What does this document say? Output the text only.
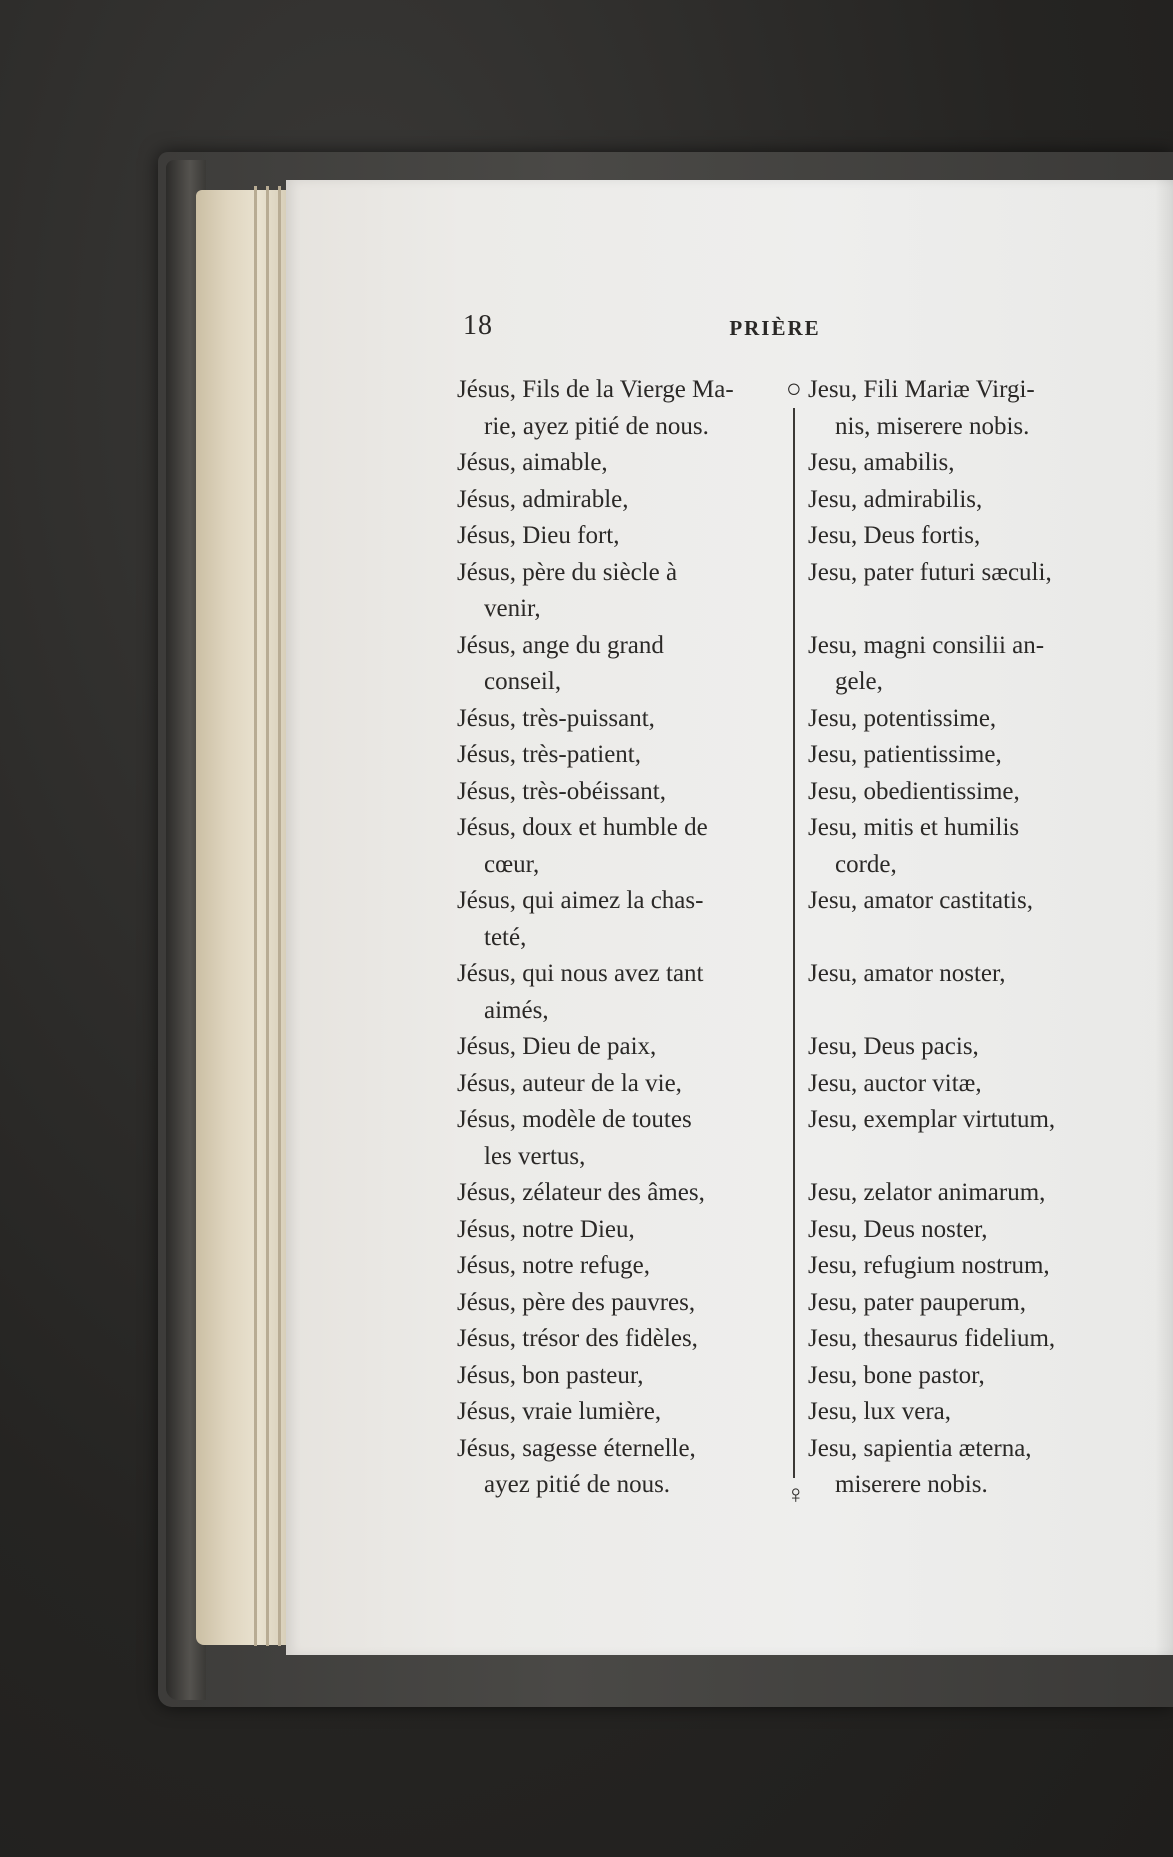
18	PRIÈRE
○
♀
Jésus, Fils de la Vierge Ma-
rie, ayez pitié de nous.
Jésus, aimable,
Jésus, admirable,
Jésus, Dieu fort,
Jésus, père du siècle à
venir,
Jésus, ange du grand
conseil,
Jésus, très-puissant,
Jésus, très-patient,
Jésus, très-obéissant,
Jésus, doux et humble de
cœur,
Jésus, qui aimez la chas-
teté,
Jésus, qui nous avez tant
aimés,
Jésus, Dieu de paix,
Jésus, auteur de la vie,
Jésus, modèle de toutes
les vertus,
Jésus, zélateur des âmes,
Jésus, notre Dieu,
Jésus, notre refuge,
Jésus, père des pauvres,
Jésus, trésor des fidèles,
Jésus, bon pasteur,
Jésus, vraie lumière,
Jésus, sagesse éternelle,
ayez pitié de nous.
Jesu, Fili Mariæ Virgi-
nis, miserere nobis.
Jesu, amabilis,
Jesu, admirabilis,
Jesu, Deus fortis,
Jesu, pater futuri sæculi,
Jesu, magni consilii an-
gele,
Jesu, potentissime,
Jesu, patientissime,
Jesu, obedientissime,
Jesu, mitis et humilis
corde,
Jesu, amator castitatis,
Jesu, amator noster,
Jesu, Deus pacis,
Jesu, auctor vitæ,
Jesu, exemplar virtutum,
Jesu, zelator animarum,
Jesu, Deus noster,
Jesu, refugium nostrum,
Jesu, pater pauperum,
Jesu, thesaurus fidelium,
Jesu, bone pastor,
Jesu, lux vera,
Jesu, sapientia æterna,
miserere nobis.
